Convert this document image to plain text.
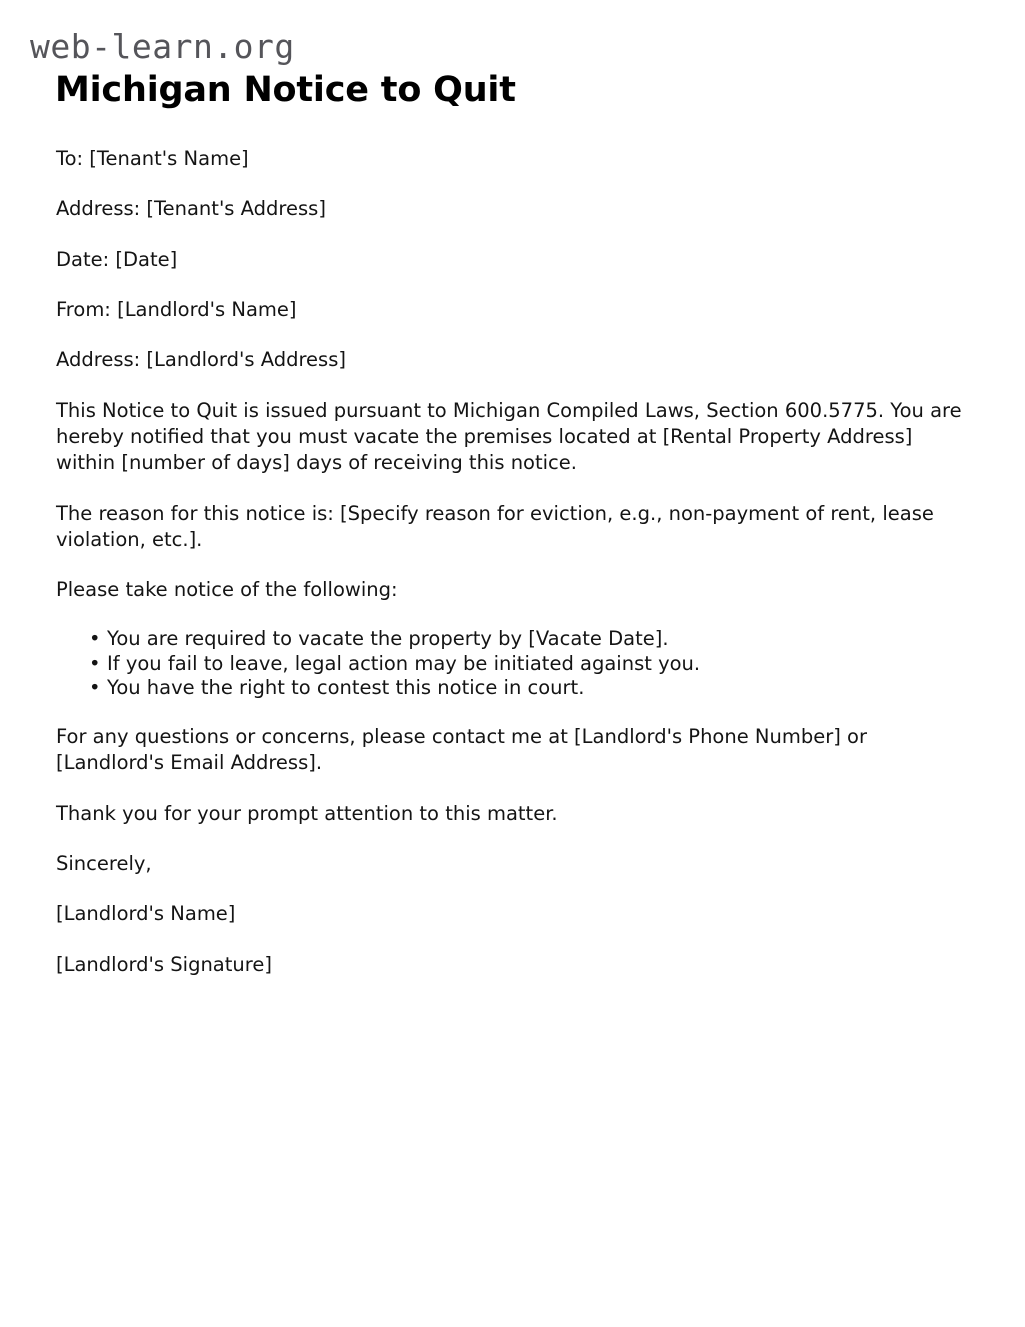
web-learn.org
Michigan Notice to Quit

To: [Tenant's Name]

Address: [Tenant's Address]

Date: [Date]

From: [Landlord's Name]

Address: [Landlord's Address]

This Notice to Quit is issued pursuant to Michigan Compiled Laws, Section 600.5775. You are hereby notified that you must vacate the premises located at [Rental Property Address] within [number of days] days of receiving this notice.

The reason for this notice is: [Specify reason for eviction, e.g., non-payment of rent, lease violation, etc.].

Please take notice of the following:

• You are required to vacate the property by [Vacate Date].
• If you fail to leave, legal action may be initiated against you.
• You have the right to contest this notice in court.

For any questions or concerns, please contact me at [Landlord's Phone Number] or [Landlord's Email Address].

Thank you for your prompt attention to this matter.

Sincerely,

[Landlord's Name]

[Landlord's Signature]
